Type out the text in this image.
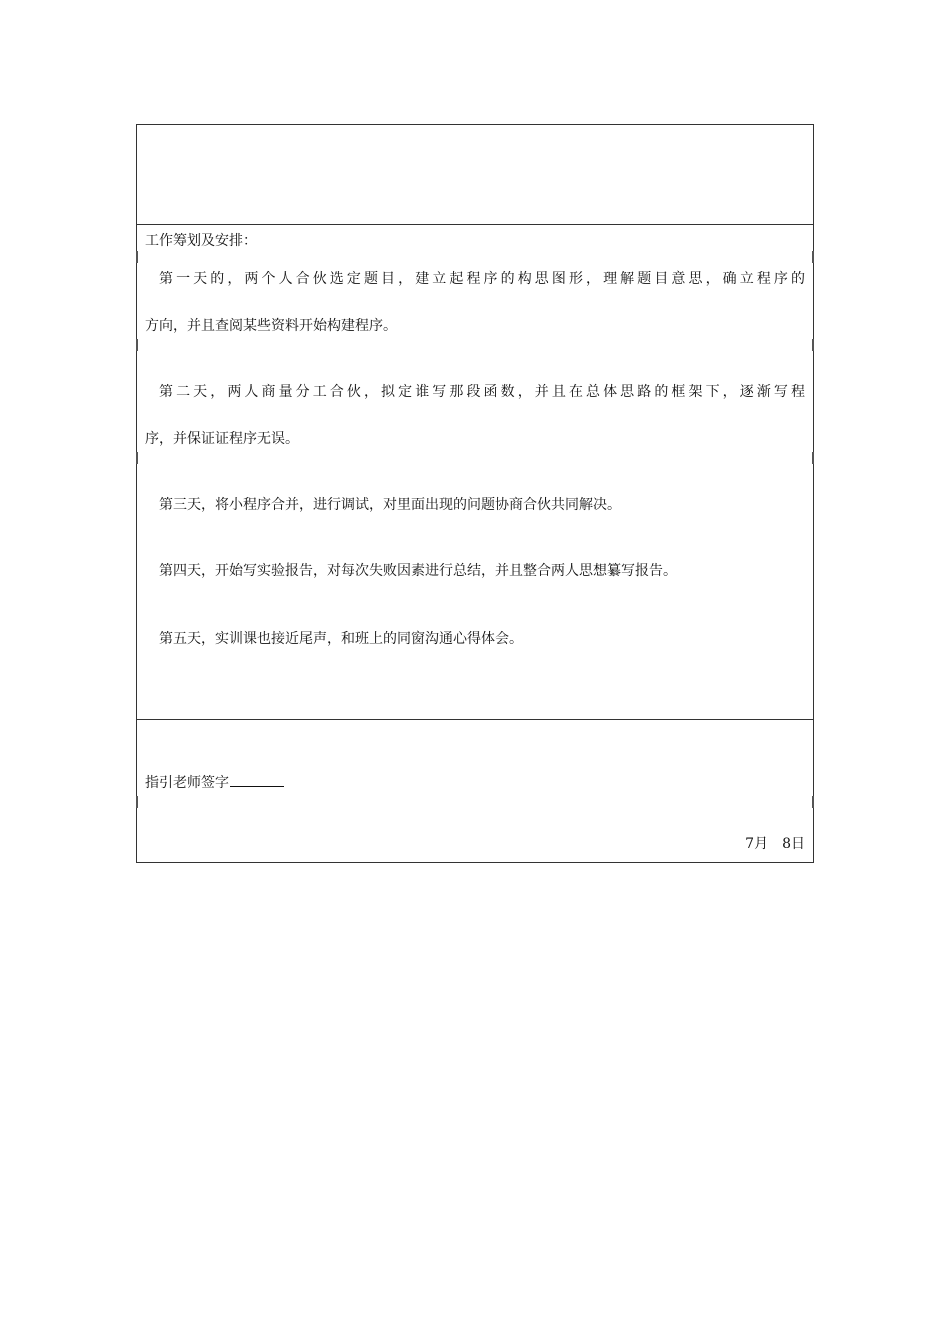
工作筹划及安排：
第一天的，两个人合伙选定题目，建立起程序的构思图形，理解题目意思，确立程序的
方向，并且查阅某些资料开始构建程序。
第二天，两人商量分工合伙，拟定谁写那段函数，并且在总体思路的框架下，逐渐写程
序，并保证证程序无误。
第三天，将小程序合并，进行调试，对里面出现的问题协商合伙共同解决。
第四天，开始写实验报告，对每次失败因素进行总结，并且整合两人思想纂写报告。
第五天，实训课也接近尾声，和班上的同窗沟通心得体会。
指引老师签字
7月 8日
